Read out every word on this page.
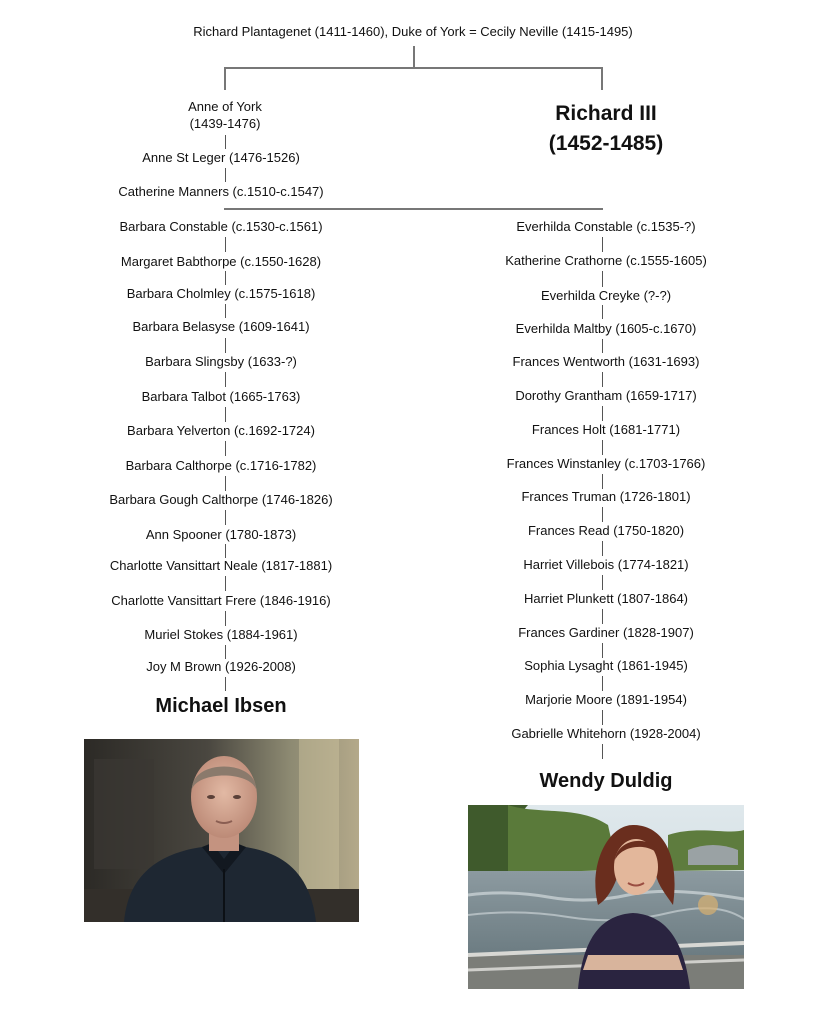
Richard Plantagenet (1411-1460), Duke of York = Cecily Neville (1415-1495)
Anne of York
(1439-1476)	Richard III
(1452-1485)
Anne St Leger (1476-1526)
Catherine Manners (c.1510-c.1547)
Barbara Constable (c.1530-c.1561)
Margaret Babthorpe (c.1550-1628)
Barbara Cholmley (c.1575-1618)
Barbara Belasyse (1609-1641)
Barbara Slingsby (1633-?)
Barbara Talbot (1665-1763)
Barbara Yelverton (c.1692-1724)
Barbara Calthorpe (c.1716-1782)
Barbara Gough Calthorpe (1746-1826)
Ann Spooner (1780-1873)
Charlotte Vansittart Neale (1817-1881)
Charlotte Vansittart Frere (1846-1916)
Muriel Stokes (1884-1961)
Joy M Brown (1926-2008)
Everhilda Constable (c.1535-?)
Katherine Crathorne (c.1555-1605)
Everhilda Creyke (?-?)
Everhilda Maltby (1605-c.1670)
Frances Wentworth (1631-1693)
Dorothy Grantham (1659-1717)
Frances Holt (1681-1771)
Frances Winstanley (c.1703-1766)
Frances Truman (1726-1801)
Frances Read (1750-1820)
Harriet Villebois (1774-1821)
Harriet Plunkett (1807-1864)
Frances Gardiner (1828-1907)
Sophia Lysaght (1861-1945)
Marjorie Moore (1891-1954)
Gabrielle Whitehorn (1928-2004)
Michael Ibsen
Wendy Duldig
